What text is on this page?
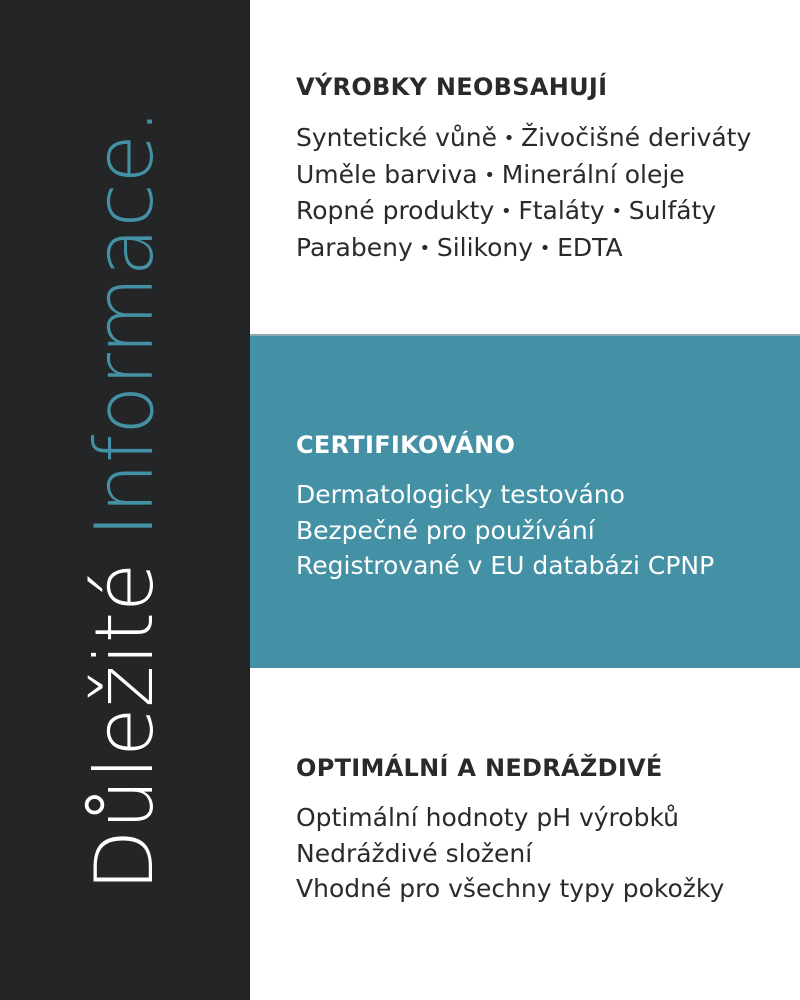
Důležité Informace.
VÝROBKY NEOBSAHUJÍ
Syntetické vůně • Živočišné deriváty
Uměle barviva • Minerální oleje
Ropné produkty • Ftaláty • Sulfáty
Parabeny • Silikony • EDTA
CERTIFIKOVÁNO
Dermatologicky testováno
Bezpečné pro používání
Registrované v EU databázi CPNP
OPTIMÁLNÍ A NEDRÁŽDIVÉ
Optimální hodnoty pH výrobků
Nedráždivé složení
Vhodné pro všechny typy pokožky
